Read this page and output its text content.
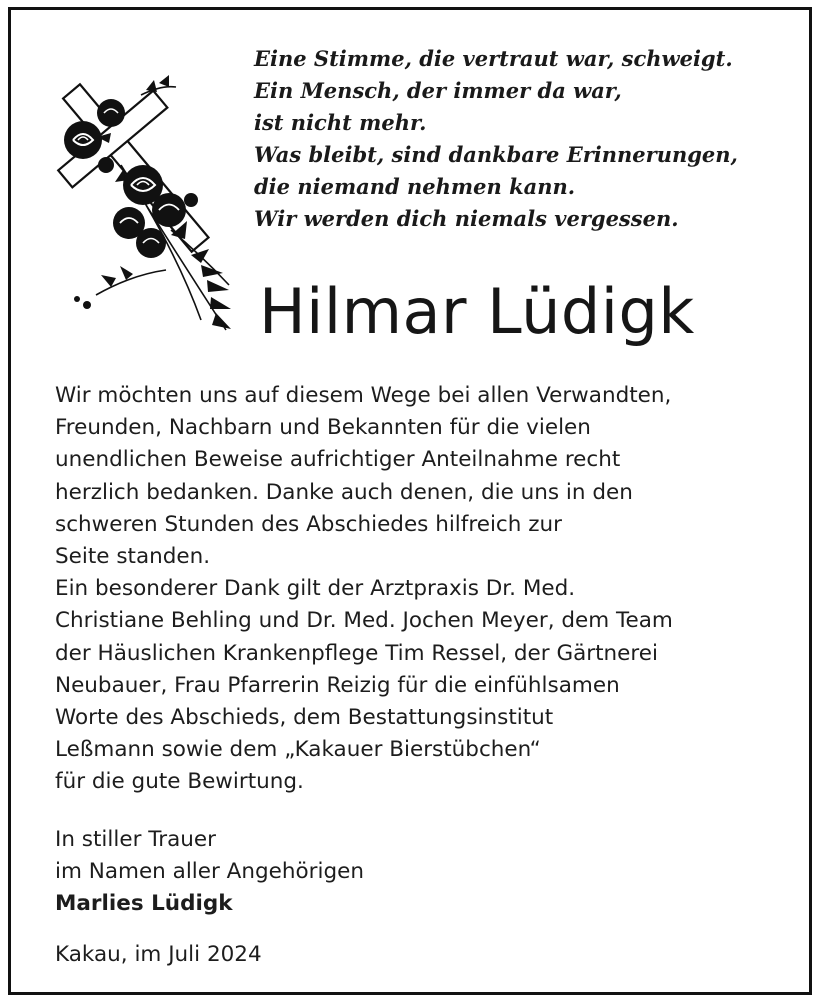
Eine Stimme, die vertraut war, schweigt.
Ein Mensch, der immer da war,
ist nicht mehr.
Was bleibt, sind dankbare Erinnerungen,
die niemand nehmen kann.
Wir werden dich niemals vergessen.
Hilmar Lüdigk
Wir möchten uns auf diesem Wege bei allen Verwandten,
Freunden, Nachbarn und Bekannten für die vielen
unendlichen Beweise aufrichtiger Anteilnahme recht
herzlich bedanken. Danke auch denen, die uns in den
schweren Stunden des Abschiedes hilfreich zur
Seite standen.
Ein besonderer Dank gilt der Arztpraxis Dr. Med.
Christiane Behling und Dr. Med. Jochen Meyer, dem Team
der Häuslichen Krankenpflege Tim Ressel, der Gärtnerei
Neubauer, Frau Pfarrerin Reizig für die einfühlsamen
Worte des Abschieds, dem Bestattungsinstitut
Leßmann sowie dem „Kakauer Bierstübchen“
für die gute Bewirtung.
In stiller Trauer
im Namen aller Angehörigen
Marlies Lüdigk
Kakau, im Juli 2024
